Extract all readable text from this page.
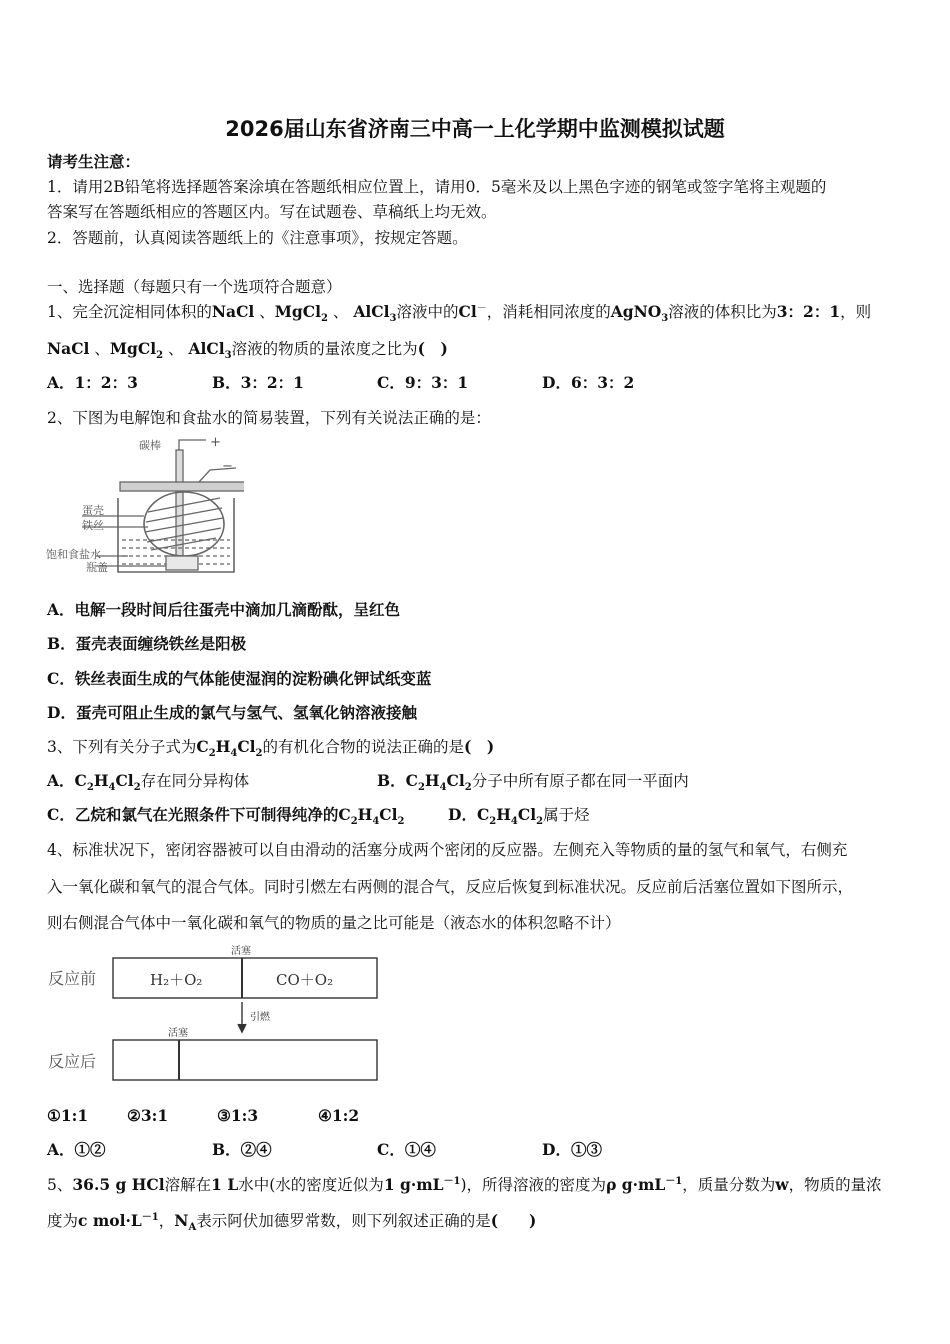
2026届山东省济南三中高一上化学期中监测模拟试题
请考生注意：
1．请用2B铅笔将选择题答案涂填在答题纸相应位置上，请用0．5毫米及以上黑色字迹的钢笔或签字笔将主观题的
答案写在答题纸相应的答题区内。写在试题卷、草稿纸上均无效。
2．答题前，认真阅读答题纸上的《注意事项》，按规定答题。
一、选择题（每题只有一个选项符合题意）
1、完全沉淀相同体积的NaCl 、MgCl$_2$ 、 AlCl$_3$溶液中的Cl－，消耗相同浓度的AgNO$_3$溶液的体积比为3：2：1，则
NaCl 、MgCl$_2$ 、 AlCl$_3$溶液的物质的量浓度之比为(　)
A．1：2：3	B．3：2：1	C．9：3：1	D．6：3：2
2、下图为电解饱和食盐水的简易装置，下列有关说法正确的是：
碳棒	+
−
蛋壳
铁丝
饱和食盐水
瓶盖
A．电解一段时间后往蛋壳中滴加几滴酚酞，呈红色
B．蛋壳表面缠绕铁丝是阳极
C．铁丝表面生成的气体能使湿润的淀粉碘化钾试纸变蓝
D．蛋壳可阻止生成的氯气与氢气、氢氧化钠溶液接触
3、下列有关分子式为$C_2H_4Cl_2$的有机化合物的说法正确的是(　)
A．$C_2H_4Cl_2$存在同分异构体	B．$C_2H_4Cl_2$分子中所有原子都在同一平面内
C．乙烷和氯气在光照条件下可制得纯净的$C_2H_4Cl_2$	D．$C_2H_4Cl_2$属于烃
4、标准状况下，密闭容器被可以自由滑动的活塞分成两个密闭的反应器。左侧充入等物质的量的氢气和氧气，右侧充
入一氧化碳和氧气的混合气体。同时引燃左右两侧的混合气，反应后恢复到标准状况。反应前后活塞位置如下图所示，
则右侧混合气体中一氧化碳和氧气的物质的量之比可能是（液态水的体积忽略不计）
反应前
反应后
活塞
活塞
H₂＋O₂	CO＋O₂
引燃
①1:1	②3:1	③1:3	④1:2
A．①②	B．②④	C．①④	D．①③
5、36.5 g HCl溶解在1 L水中(水的密度近似为1 $g\cdot mL^{-1}$)，所得溶液的密度为ρ $g\cdot mL^{-1}$，质量分数为w，物质的量浓
度为c $mol\cdot L^{-1}$，$N_A$表示阿伏加德罗常数，则下列叙述正确的是(　　)
